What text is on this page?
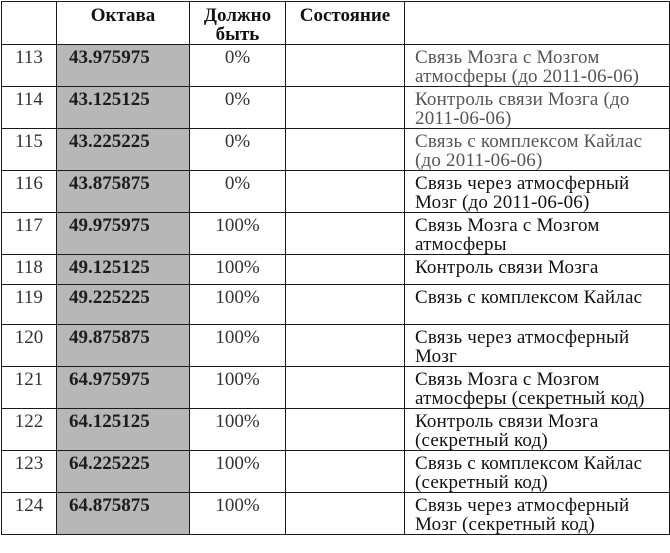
	Октава	Должно быть	Состояние	
113	43.975975	0%		Связь Мозга с Мозгом атмосферы (до 2011-06-06)
114	43.125125	0%		Контроль связи Мозга (до 2011-06-06)
115	43.225225	0%		Связь с комплексом Кайлас (до 2011-06-06)
116	43.875875	0%		Связь через атмосферный Мозг (до 2011-06-06)
117	49.975975	100%		Связь Мозга с Мозгом атмосферы
118	49.125125	100%		Контроль связи Мозга
119	49.225225	100%		Связь с комплексом Кайлас
120	49.875875	100%		Связь через атмосферный Мозг
121	64.975975	100%		Связь Мозга с Мозгом атмосферы (секретный код)
122	64.125125	100%		Контроль связи Мозга (секретный код)
123	64.225225	100%		Связь с комплексом Кайлас (секретный код)
124	64.875875	100%		Связь через атмосферный Мозг (секретный код)
